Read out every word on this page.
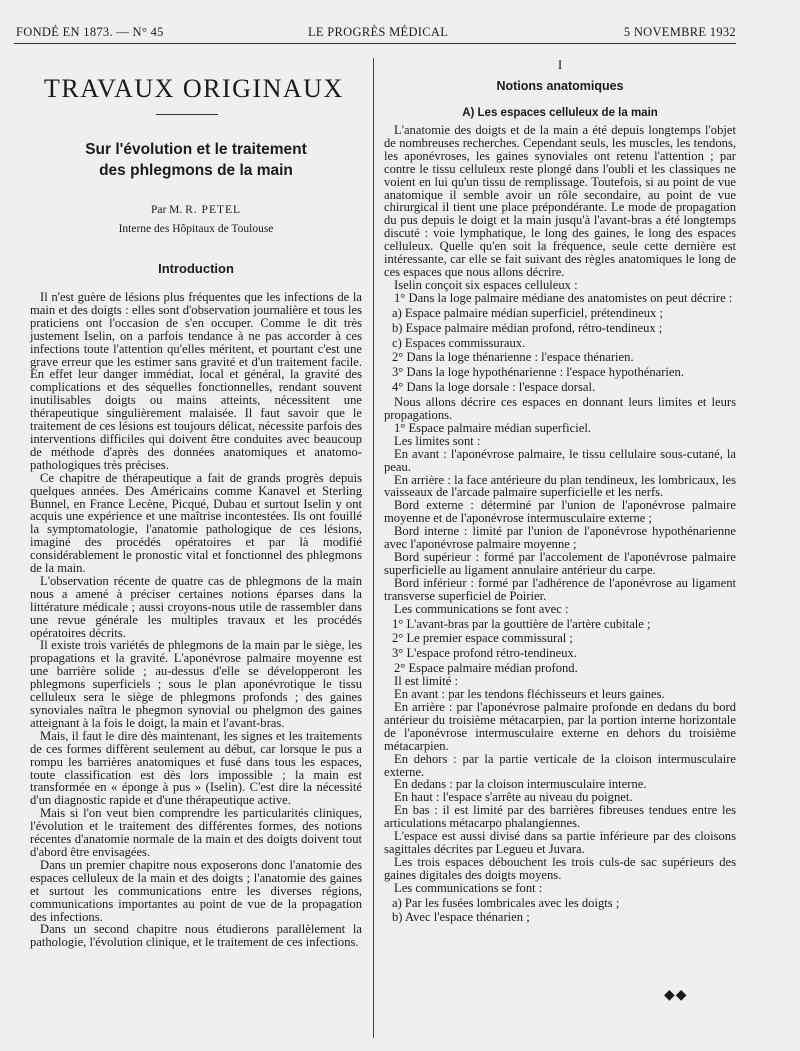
FONDÉ EN 1873. — N° 45	LE PROGRÈS MÉDICAL	5 NOVEMBRE 1932
TRAVAUX ORIGINAUX
Sur l'évolution et le traitement
des phlegmons de la main
Par M. R. PETEL
Interne des Hôpitaux de Toulouse
Introduction

Il n'est guère de lésions plus fréquentes que les infections de la main et des doigts : elles sont d'observation journalière et tous les praticiens ont l'occasion de s'en occuper. Comme le dit très justement Iselin, on a parfois tendance à ne pas accorder à ces infections toute l'attention qu'elles méritent, et pourtant c'est une grave erreur que les estimer sans gravité et d'un traitement facile. En effet leur danger immédiat, local et général, la gravité des complications et des séquelles fonctionnelles, rendant souvent inutilisables doigts ou mains atteints, nécessitent une thérapeutique singulièrement malaisée. Il faut savoir que le traitement de ces lésions est toujours délicat, nécessite parfois des interventions difficiles qui doivent être conduites avec beaucoup de méthode d'après des données anatomiques et anatomo-pathologiques très précises.

Ce chapitre de thérapeutique a fait de grands progrès depuis quelques années. Des Américains comme Kanavel et Sterling Bunnel, en France Lecène, Picqué, Dubau et surtout Iselin y ont acquis une expérience et une maîtrise incontestées. Ils ont fouillé la symptomatologie, l'anatomie pathologique de ces lésions, imaginé des procédés opératoires et par là modifié considérablement le pronostic vital et fonctionnel des phlegmons de la main.

L'observation récente de quatre cas de phlegmons de la main nous a amené à préciser certaines notions éparses dans la littérature médicale ; aussi croyons-nous utile de rassembler dans une revue générale les multiples travaux et les procédés opératoires décrits.

Il existe trois variétés de phlegmons de la main par le siège, les propagations et la gravité. L'aponévrose palmaire moyenne est une barrière solide ; au-dessus d'elle se développeront les phlegmons superficiels ; sous le plan aponévrotique le tissu celluleux sera le siège de phlegmons profonds ; des gaines synoviales naîtra le phegmon synovial ou phelgmon des gaines atteignant à la fois le doigt, la main et l'avant-bras.

Mais, il faut le dire dès maintenant, les signes et les traitements de ces formes diffèrent seulement au début, car lorsque le pus a rompu les barrières anatomiques et fusé dans tous les espaces, toute classification est dès lors impossible ; la main est transformée en « éponge à pus » (Iselin). C'est dire la nécessité d'un diagnostic rapide et d'une thérapeutique active.

Mais si l'on veut bien comprendre les particularités cliniques, l'évolution et le traitement des différentes formes, des notions récentes d'anatomie normale de la main et des doigts doivent tout d'abord être envisagées.

Dans un premier chapitre nous exposerons donc l'anatomie des espaces celluleux de la main et des doigts ; l'anatomie des gaines et surtout les communications entre les diverses régions, communications importantes au point de vue de la propagation des infections.

Dans un second chapitre nous étudierons parallèlement la pathologie, l'évolution clinique, et le traitement de ces infections.

I
Notions anatomiques
A) Les espaces celluleux de la main

L'anatomie des doigts et de la main a été depuis longtemps l'objet de nombreuses recherches. Cependant seuls, les muscles, les tendons, les aponévroses, les gaines synoviales ont retenu l'attention ; par contre le tissu celluleux reste plongé dans l'oubli et les classiques ne voient en lui qu'un tissu de remplissage. Toutefois, si au point de vue anatomique il semble avoir un rôle secondaire, au point de vue chirurgical il tient une place prépondérante. Le mode de propagation du pus depuis le doigt et la main jusqu'à l'avant-bras a été longtemps discuté : voie lymphatique, le long des gaines, le long des espaces celluleux. Quelle qu'en soit la fréquence, seule cette dernière est intéressante, car elle se fait suivant des règles anatomiques le long de ces espaces que nous allons décrire.

Iselin conçoit six espaces celluleux :

1° Dans la loge palmaire médiane des anatomistes on peut décrire :

a) Espace palmaire médian superficiel, prétendineux ;
b) Espace palmaire médian profond, rétro-tendineux ;
c) Espaces commissuraux.
2° Dans la loge thénarienne : l'espace thénarien.
3° Dans la loge hypothénarienne : l'espace hypothénarien.
4° Dans la loge dorsale : l'espace dorsal.

Nous allons décrire ces espaces en donnant leurs limites et leurs propagations.

1° Espace palmaire médian superficiel.

Les limites sont :

En avant : l'aponévrose palmaire, le tissu cellulaire sous-cutané, la peau.

En arrière : la face antérieure du plan tendineux, les lombricaux, les vaisseaux de l'arcade palmaire superficielle et les nerfs.

Bord externe : déterminé par l'union de l'aponévrose palmaire moyenne et de l'aponévrose intermusculaire externe ;

Bord interne : limité par l'union de l'aponévrose hypothénarienne avec l'aponévrose palmaire moyenne ;

Bord supérieur : formé par l'accolement de l'aponévrose palmaire superficielle au ligament annulaire antérieur du carpe.

Bord inférieur : formé par l'adhérence de l'aponévrose au ligament transverse superficiel de Poirier.

Les communications se font avec :

1° L'avant-bras par la gouttière de l'artère cubitale ;
2° Le premier espace commissural ;
3° L'espace profond rétro-tendineux.

2° Espace palmaire médian profond.

Il est limité :

En avant : par les tendons fléchisseurs et leurs gaines.

En arrière : par l'aponévrose palmaire profonde en dedans du bord antérieur du troisième métacarpien, par la portion interne horizontale de l'aponévrose intermusculaire externe en dehors du troisième métacarpien.

En dehors : par la partie verticale de la cloison intermusculaire externe.

En dedans : par la cloison intermusculaire interne.

En haut : l'espace s'arrête au niveau du poignet.

En bas : il est limité par des barrières fibreuses tendues entre les articulations métacarpo phalangiennes.

L'espace est aussi divisé dans sa partie inférieure par des cloisons sagittales décrites par Legueu et Juvara.

Les trois espaces débouchent les trois culs-de sac supérieurs des gaines digitales des doigts moyens.

Les communications se font :

a) Par les fusées lombricales avec les doigts ;
b) Avec l'espace thénarien ;
◆◆
